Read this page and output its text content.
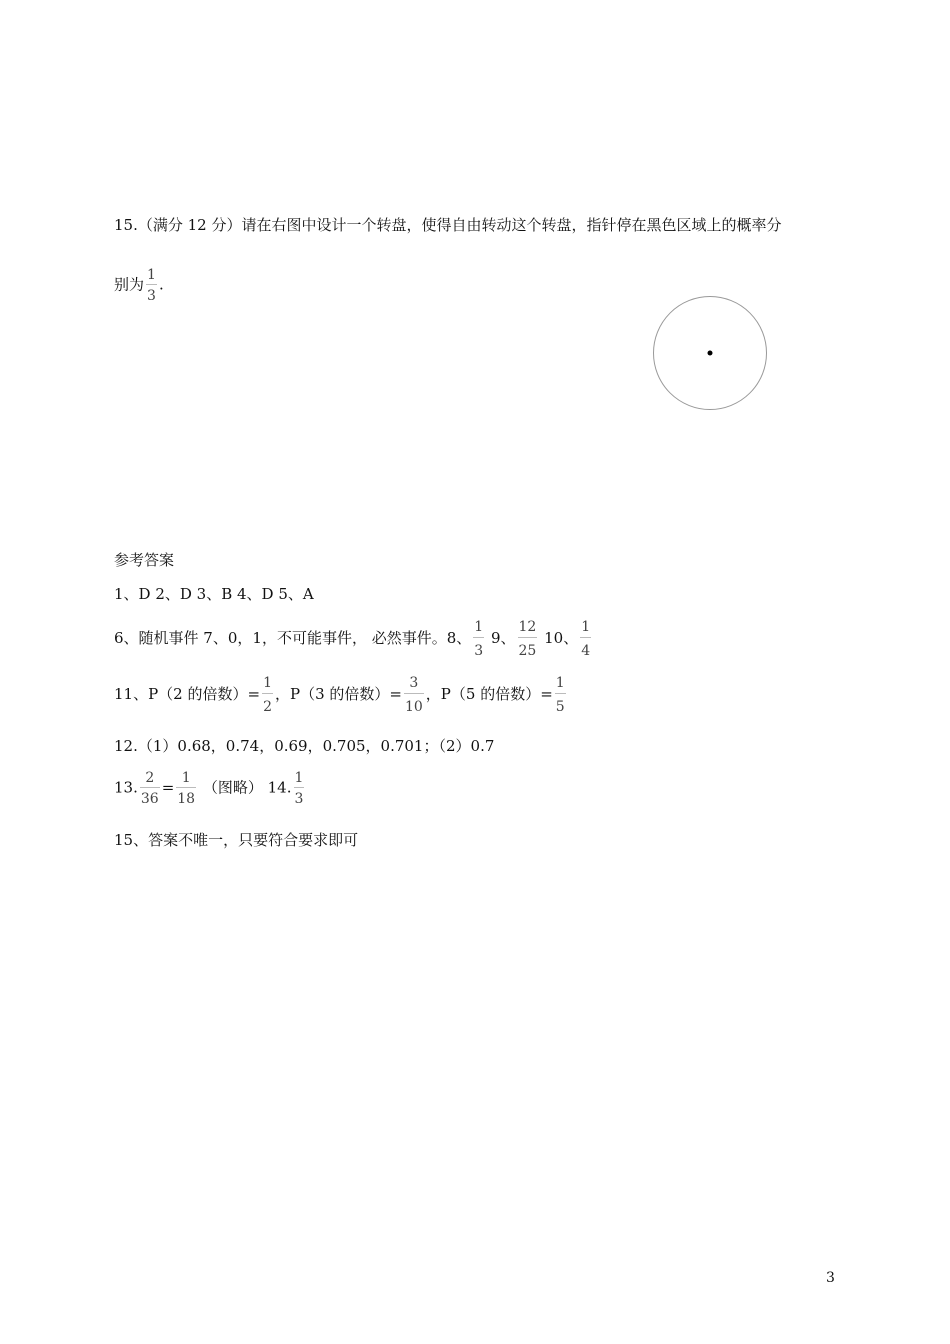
15.（满分 12 分）请在右图中设计一个转盘，使得自由转动这个转盘，指针停在黑色区域上的概率分
别为 $\frac{1}{3}$ .
参考答案
1、D 2、D 3、B 4、D 5、A
6、随机事件 7、0，1，不可能事件， 必然事件。8、 $\frac{1}{3} 9$、 $\frac{12}{25} 10$、 $\frac{1}{4}$
11、P（2 的倍数）= $\frac{1}{2}$ ，P（3 的倍数）= $\frac{3}{10}$ ，P（5 的倍数）= $\frac{1}{5}$
12.（1）0.68，0.74，0.69，0.705，0.701；（2）0.7
13. $\frac{2}{36} = \frac{1}{18}$ （图略） 14. $\frac{1}{3}$
15、答案不唯一，只要符合要求即可
3
